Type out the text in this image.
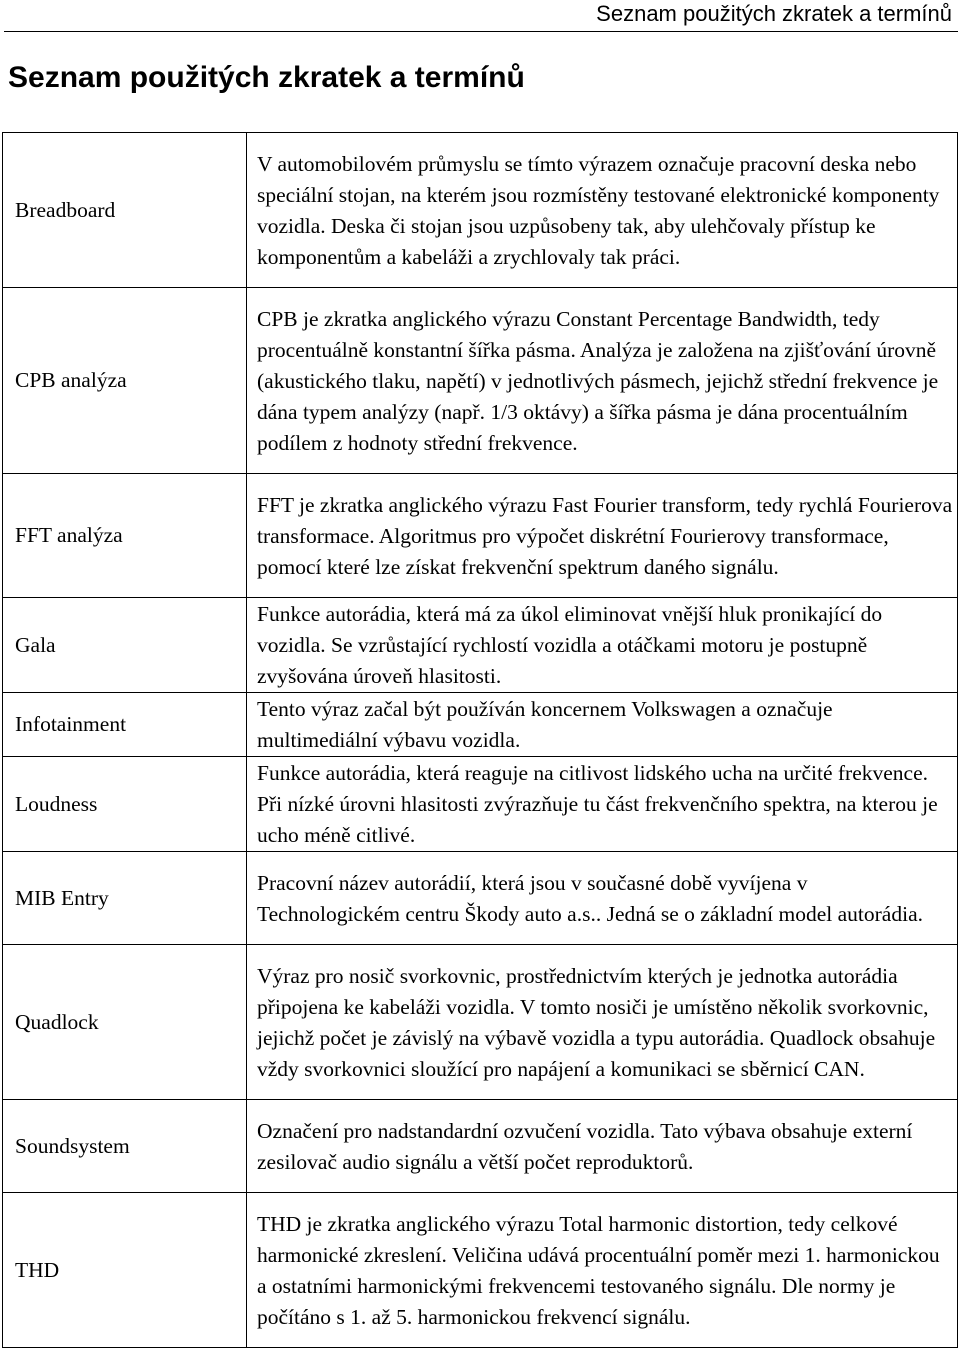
Seznam použitých zkratek a termínů
Seznam použitých zkratek a termínů
Breadboard	V automobilovém průmyslu se tímto výrazem označuje pracovní deska nebo speciální stojan, na kterém jsou rozmístěny testované elektronické komponenty vozidla. Deska či stojan jsou uzpůsobeny tak, aby ulehčovaly přístup ke komponentům a kabeláži a zrychlovaly tak práci.
CPB analýza	CPB je zkratka anglického výrazu Constant Percentage Bandwidth, tedy procentuálně konstantní šířka pásma. Analýza je založena na zjišťování úrovně (akustického tlaku, napětí) v jednotlivých pásmech, jejichž střední frekvence je dána typem analýzy (např. 1/3 oktávy) a šířka pásma je dána procentuálním podílem z hodnoty střední frekvence.
FFT analýza	FFT je zkratka anglického výrazu Fast Fourier transform, tedy rychlá Fourierova transformace. Algoritmus pro výpočet diskrétní Fourierovy transformace, pomocí které lze získat frekvenční spektrum daného signálu.
Gala	Funkce autorádia, která má za úkol eliminovat vnější hluk pronikající do vozidla. Se vzrůstající rychlostí vozidla a otáčkami motoru je postupně zvyšována úroveň hlasitosti.
Infotainment	Tento výraz začal být používán koncernem Volkswagen a označuje multimediální výbavu vozidla.
Loudness	Funkce autorádia, která reaguje na citlivost lidského ucha na určité frekvence. Při nízké úrovni hlasitosti zvýrazňuje tu část frekvenčního spektra, na kterou je ucho méně citlivé.
MIB Entry	Pracovní název autorádií, která jsou v současné době vyvíjena v Technologickém centru Škody auto a.s.. Jedná se o základní model autorádia.
Quadlock	Výraz pro nosič svorkovnic, prostřednictvím kterých je jednotka autorádia připojena ke kabeláži vozidla. V tomto nosiči je umístěno několik svorkovnic, jejichž počet je závislý na výbavě vozidla a typu autorádia. Quadlock obsahuje vždy svorkovnici sloužící pro napájení a komunikaci se sběrnicí CAN.
Soundsystem	Označení pro nadstandardní ozvučení vozidla. Tato výbava obsahuje externí zesilovač audio signálu a větší počet reproduktorů.
THD	THD je zkratka anglického výrazu Total harmonic distortion, tedy celkové harmonické zkreslení. Veličina udává procentuální poměr mezi 1. harmonickou a ostatními harmonickými frekvencemi testovaného signálu. Dle normy je počítáno s 1. až 5. harmonickou frekvencí signálu.
